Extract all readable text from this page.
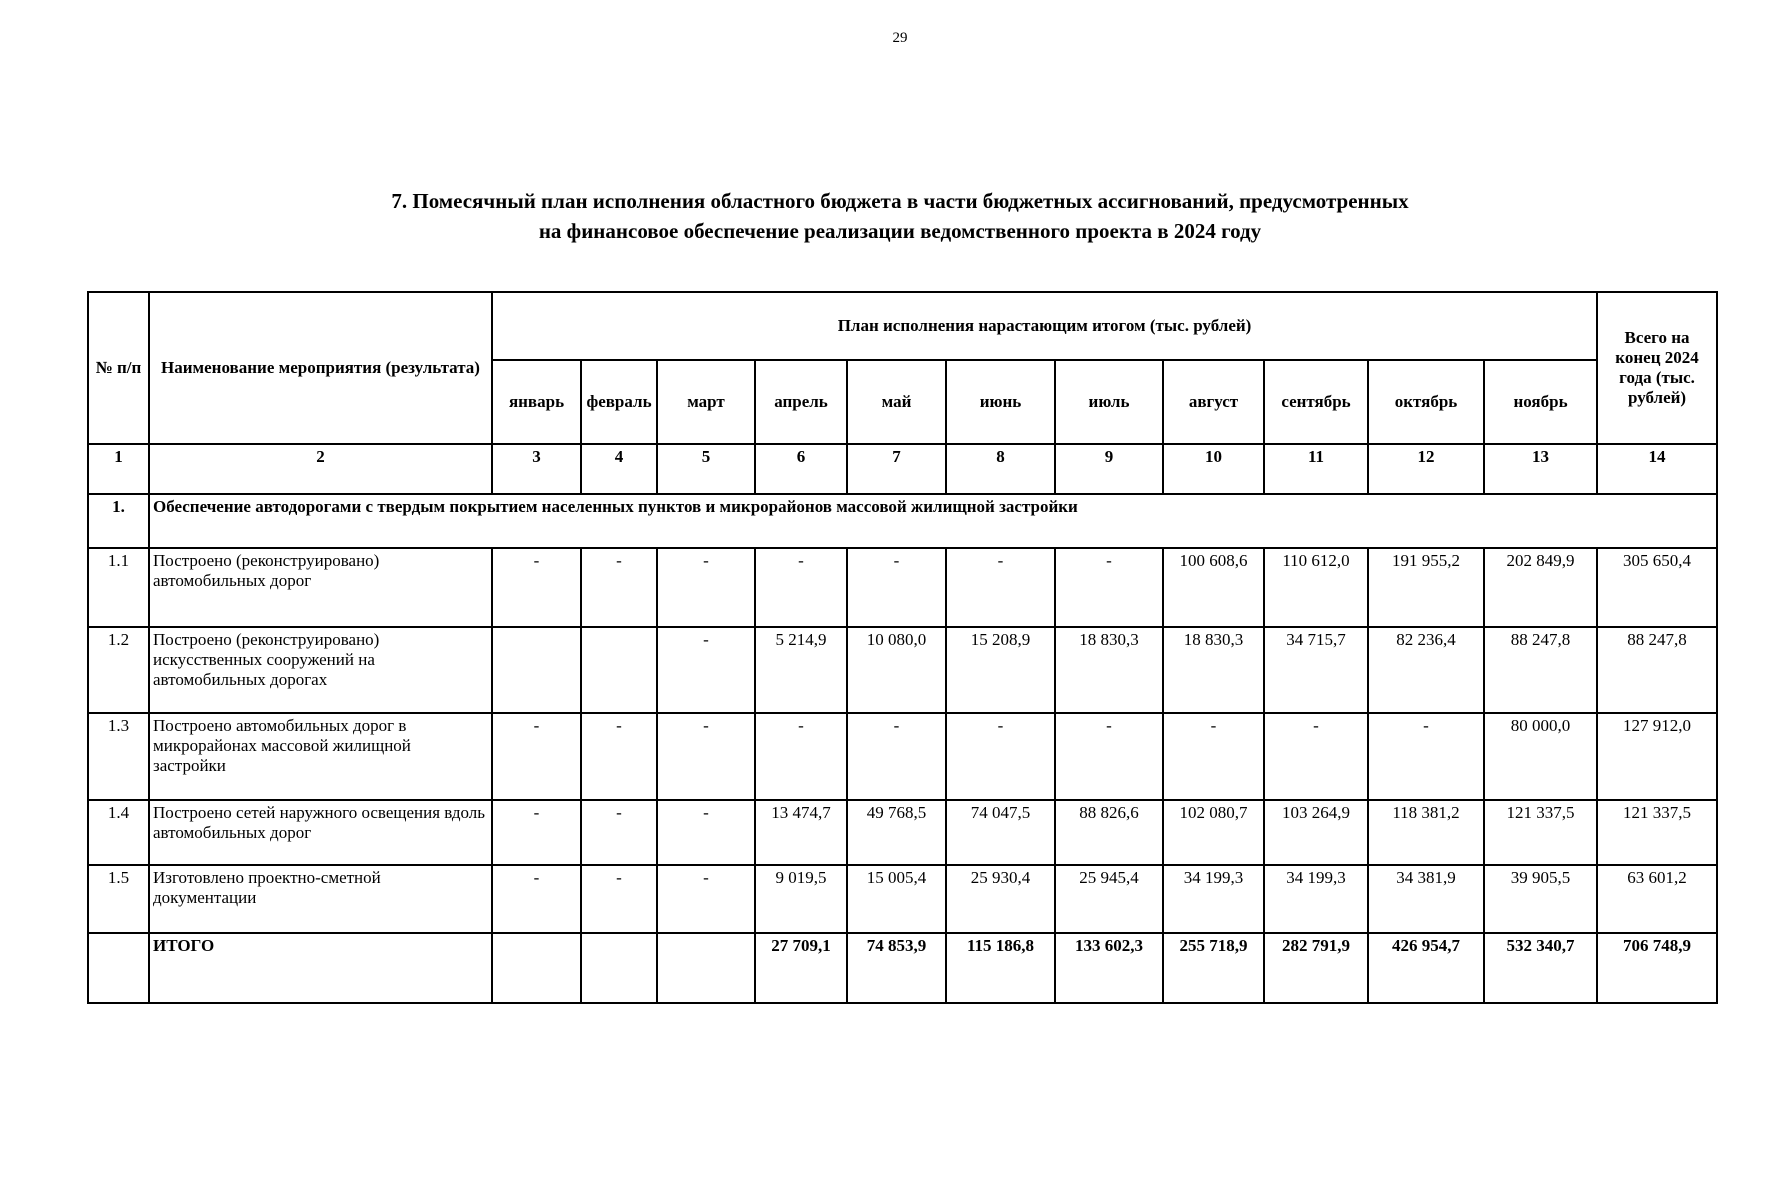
29
7. Помесячный план исполнения областного бюджета в части бюджетных ассигнований, предусмотренных
на финансовое обеспечение реализации ведомственного проекта в 2024 году
№ п/п	Наименование мероприятия (результата)	План исполнения нарастающим итогом (тыс. рублей)											Всего на конец 2024 года (тыс. рублей)
		январь	февраль	март	апрель	май	июнь	июль	август	сентябрь	октябрь	ноябрь	
1	2	3	4	5	6	7	8	9	10	11	12	13	14
1.	Обеспечение автодорогами с твердым покрытием населенных пунктов и микрорайонов массовой жилищной застройки												
1.1	Построено (реконструировано) автомобильных дорог	-	-	-	-	-	-	-	100 608,6	110 612,0	191 955,2	202 849,9	305 650,4
1.2	Построено (реконструировано) искусственных сооружений на автомобильных дорогах			-	5 214,9	10 080,0	15 208,9	18 830,3	18 830,3	34 715,7	82 236,4	88 247,8	88 247,8
1.3	Построено автомобильных дорог в микрорайонах массовой жилищной застройки	-	-	-	-	-	-	-	-	-	-	80 000,0	127 912,0
1.4	Построено сетей наружного освещения вдоль автомобильных дорог	-	-	-	13 474,7	49 768,5	74 047,5	88 826,6	102 080,7	103 264,9	118 381,2	121 337,5	121 337,5
1.5	Изготовлено проектно-сметной документации	-	-	-	9 019,5	15 005,4	25 930,4	25 945,4	34 199,3	34 199,3	34 381,9	39 905,5	63 601,2
	ИТОГО				27 709,1	74 853,9	115 186,8	133 602,3	255 718,9	282 791,9	426 954,7	532 340,7	706 748,9
